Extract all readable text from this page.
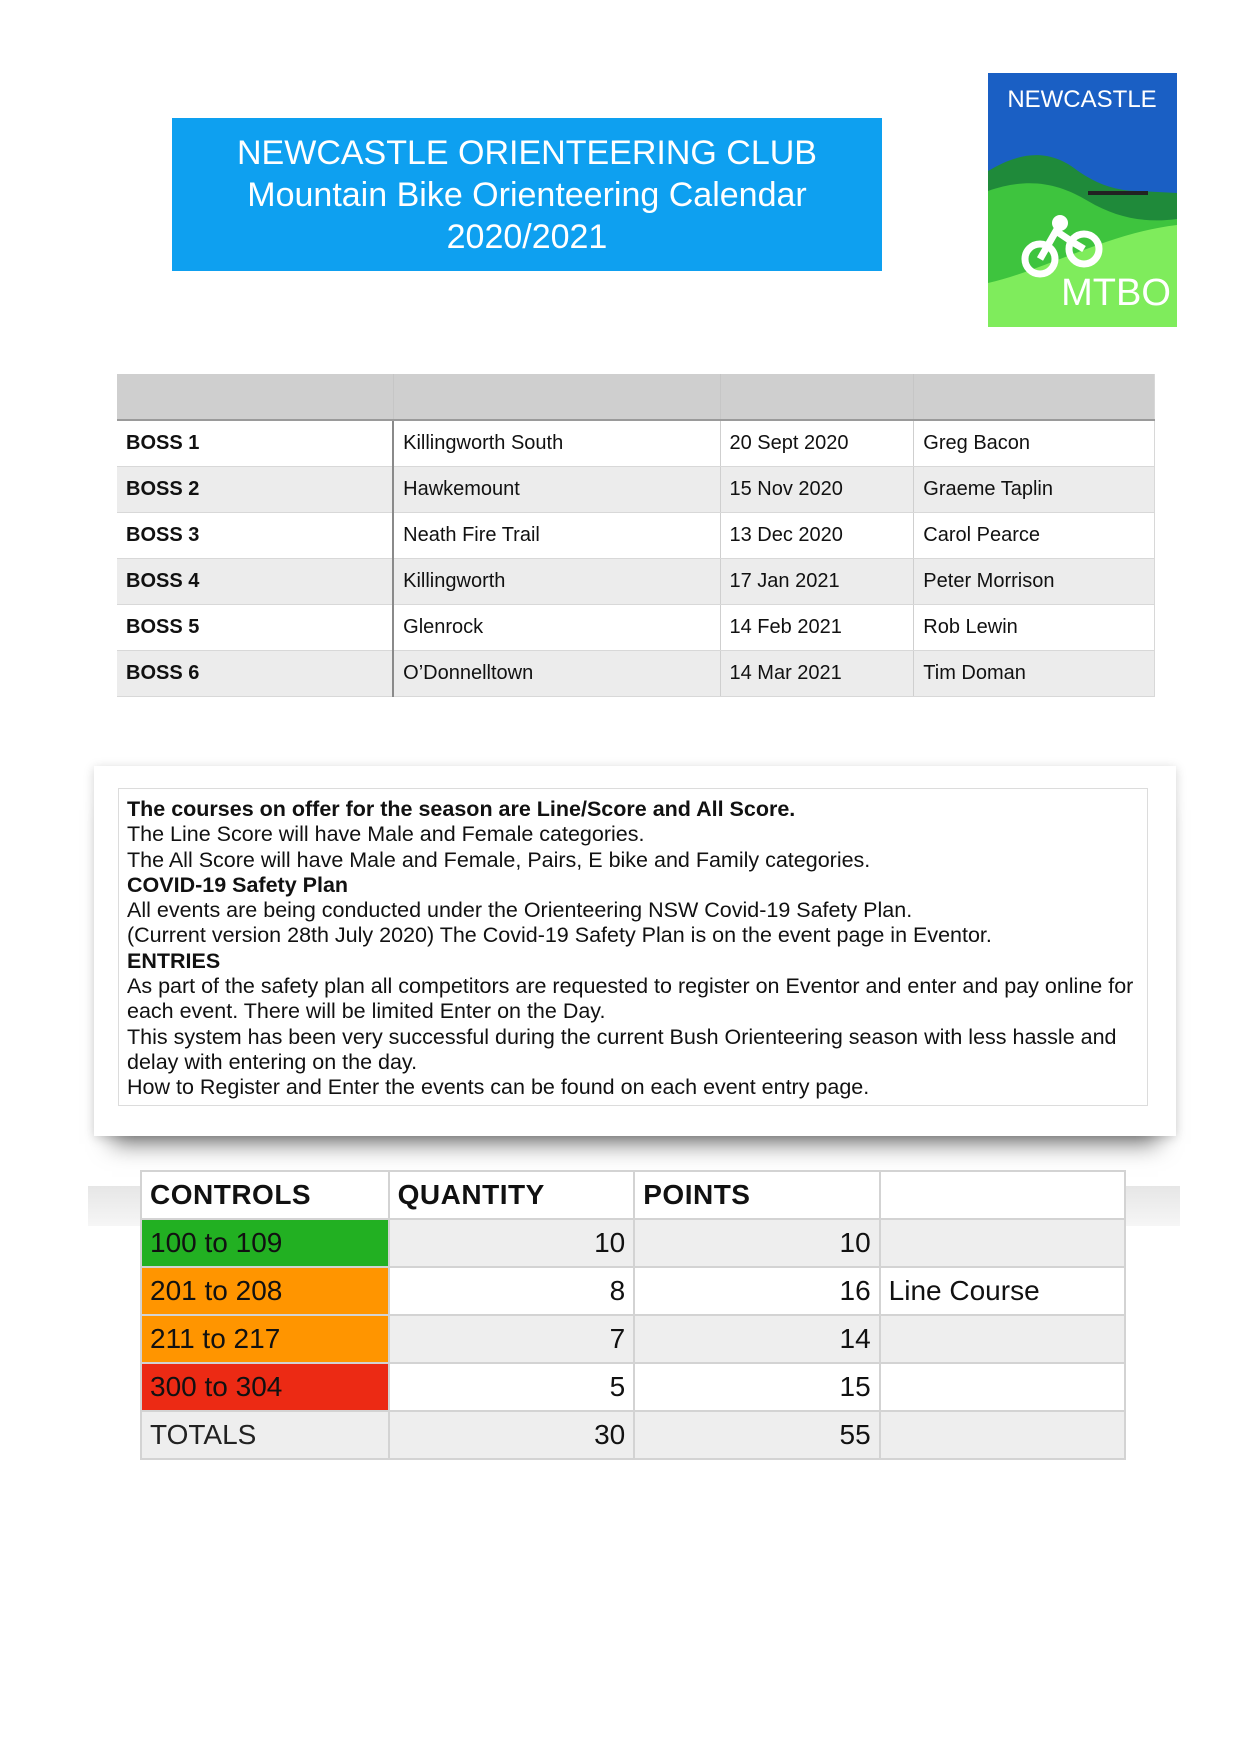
NEWCASTLE ORIENTEERING CLUB
Mountain Bike Orienteering Calendar
2020/2021
NEWCASTLE
MTBO

BOSS 1	Killingworth South	20 Sept 2020	Greg Bacon
BOSS 2	Hawkemount	15 Nov 2020	Graeme Taplin
BOSS 3	Neath Fire Trail	13 Dec 2020	Carol Pearce
BOSS 4	Killingworth	17 Jan 2021	Peter Morrison
BOSS 5	Glenrock	14 Feb 2021	Rob Lewin
BOSS 6	O’Donnelltown	14 Mar 2021	Tim Doman

The courses on offer for the season are Line/Score and All Score.

The Line Score will have Male and Female categories.

The All Score will have Male and Female, Pairs, E bike and Family categories.

COVID-19 Safety Plan

All events are being conducted under the Orienteering NSW Covid-19 Safety Plan.

(Current version 28th July 2020) The Covid-19 Safety Plan is on the event page in Eventor.

ENTRIES

As part of the safety plan all competitors are requested to register on Eventor and enter and pay online for each event. There will be limited Enter on the Day.

This system has been very successful during the current Bush Orienteering season with less hassle and delay with entering on the day.

How to Register and Enter the events can be found on each event entry page.

CONTROLS	QUANTITY	POINTS	
100 to 109	10	10	
201 to 208	8	16	Line Course
211 to 217	7	14	
300 to 304	5	15	
TOTALS	30	55	
